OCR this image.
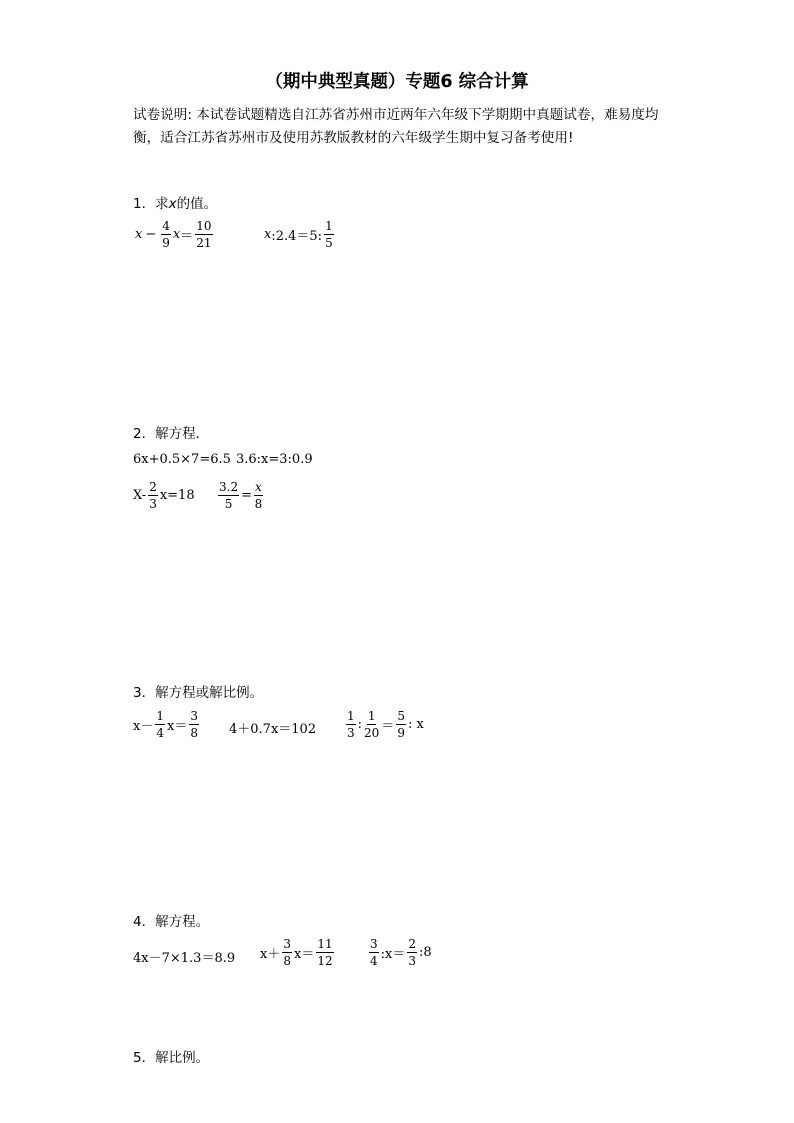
（期中典型真题）专题6 综合计算
试卷说明: 本试卷试题精选自江苏省苏州市近两年六年级下学期期中真题试卷，难易度均衡，适合江苏省苏州市及使用苏教版教材的六年级学生期中复习备考使用!
1．求x的值。
$x - \frac{4}{9}$ $x = \frac{10}{21}$	x :2.4＝5: $\frac{1}{5}$
2．解方程．
6x+0.5×7=6.5 3.6:x=3:0.9
$X- \frac{2}{3} x=18 \frac{3.2}{5} = \frac{x}{8}$
3．解方程或解比例。
$x- \frac{1}{4} x= \frac{3}{8} 4+0.7x=102 \frac{1}{3}$ : $\frac{1}{20} = \frac{5}{9}$ : x
4．解方程。
4x－7×1.3＝8.9 $x+ \frac{3}{8} x= \frac{11}{12}$	$\frac{3}{4}$ :x＝ $\frac{2}{3}$ :8
5．解比例。
